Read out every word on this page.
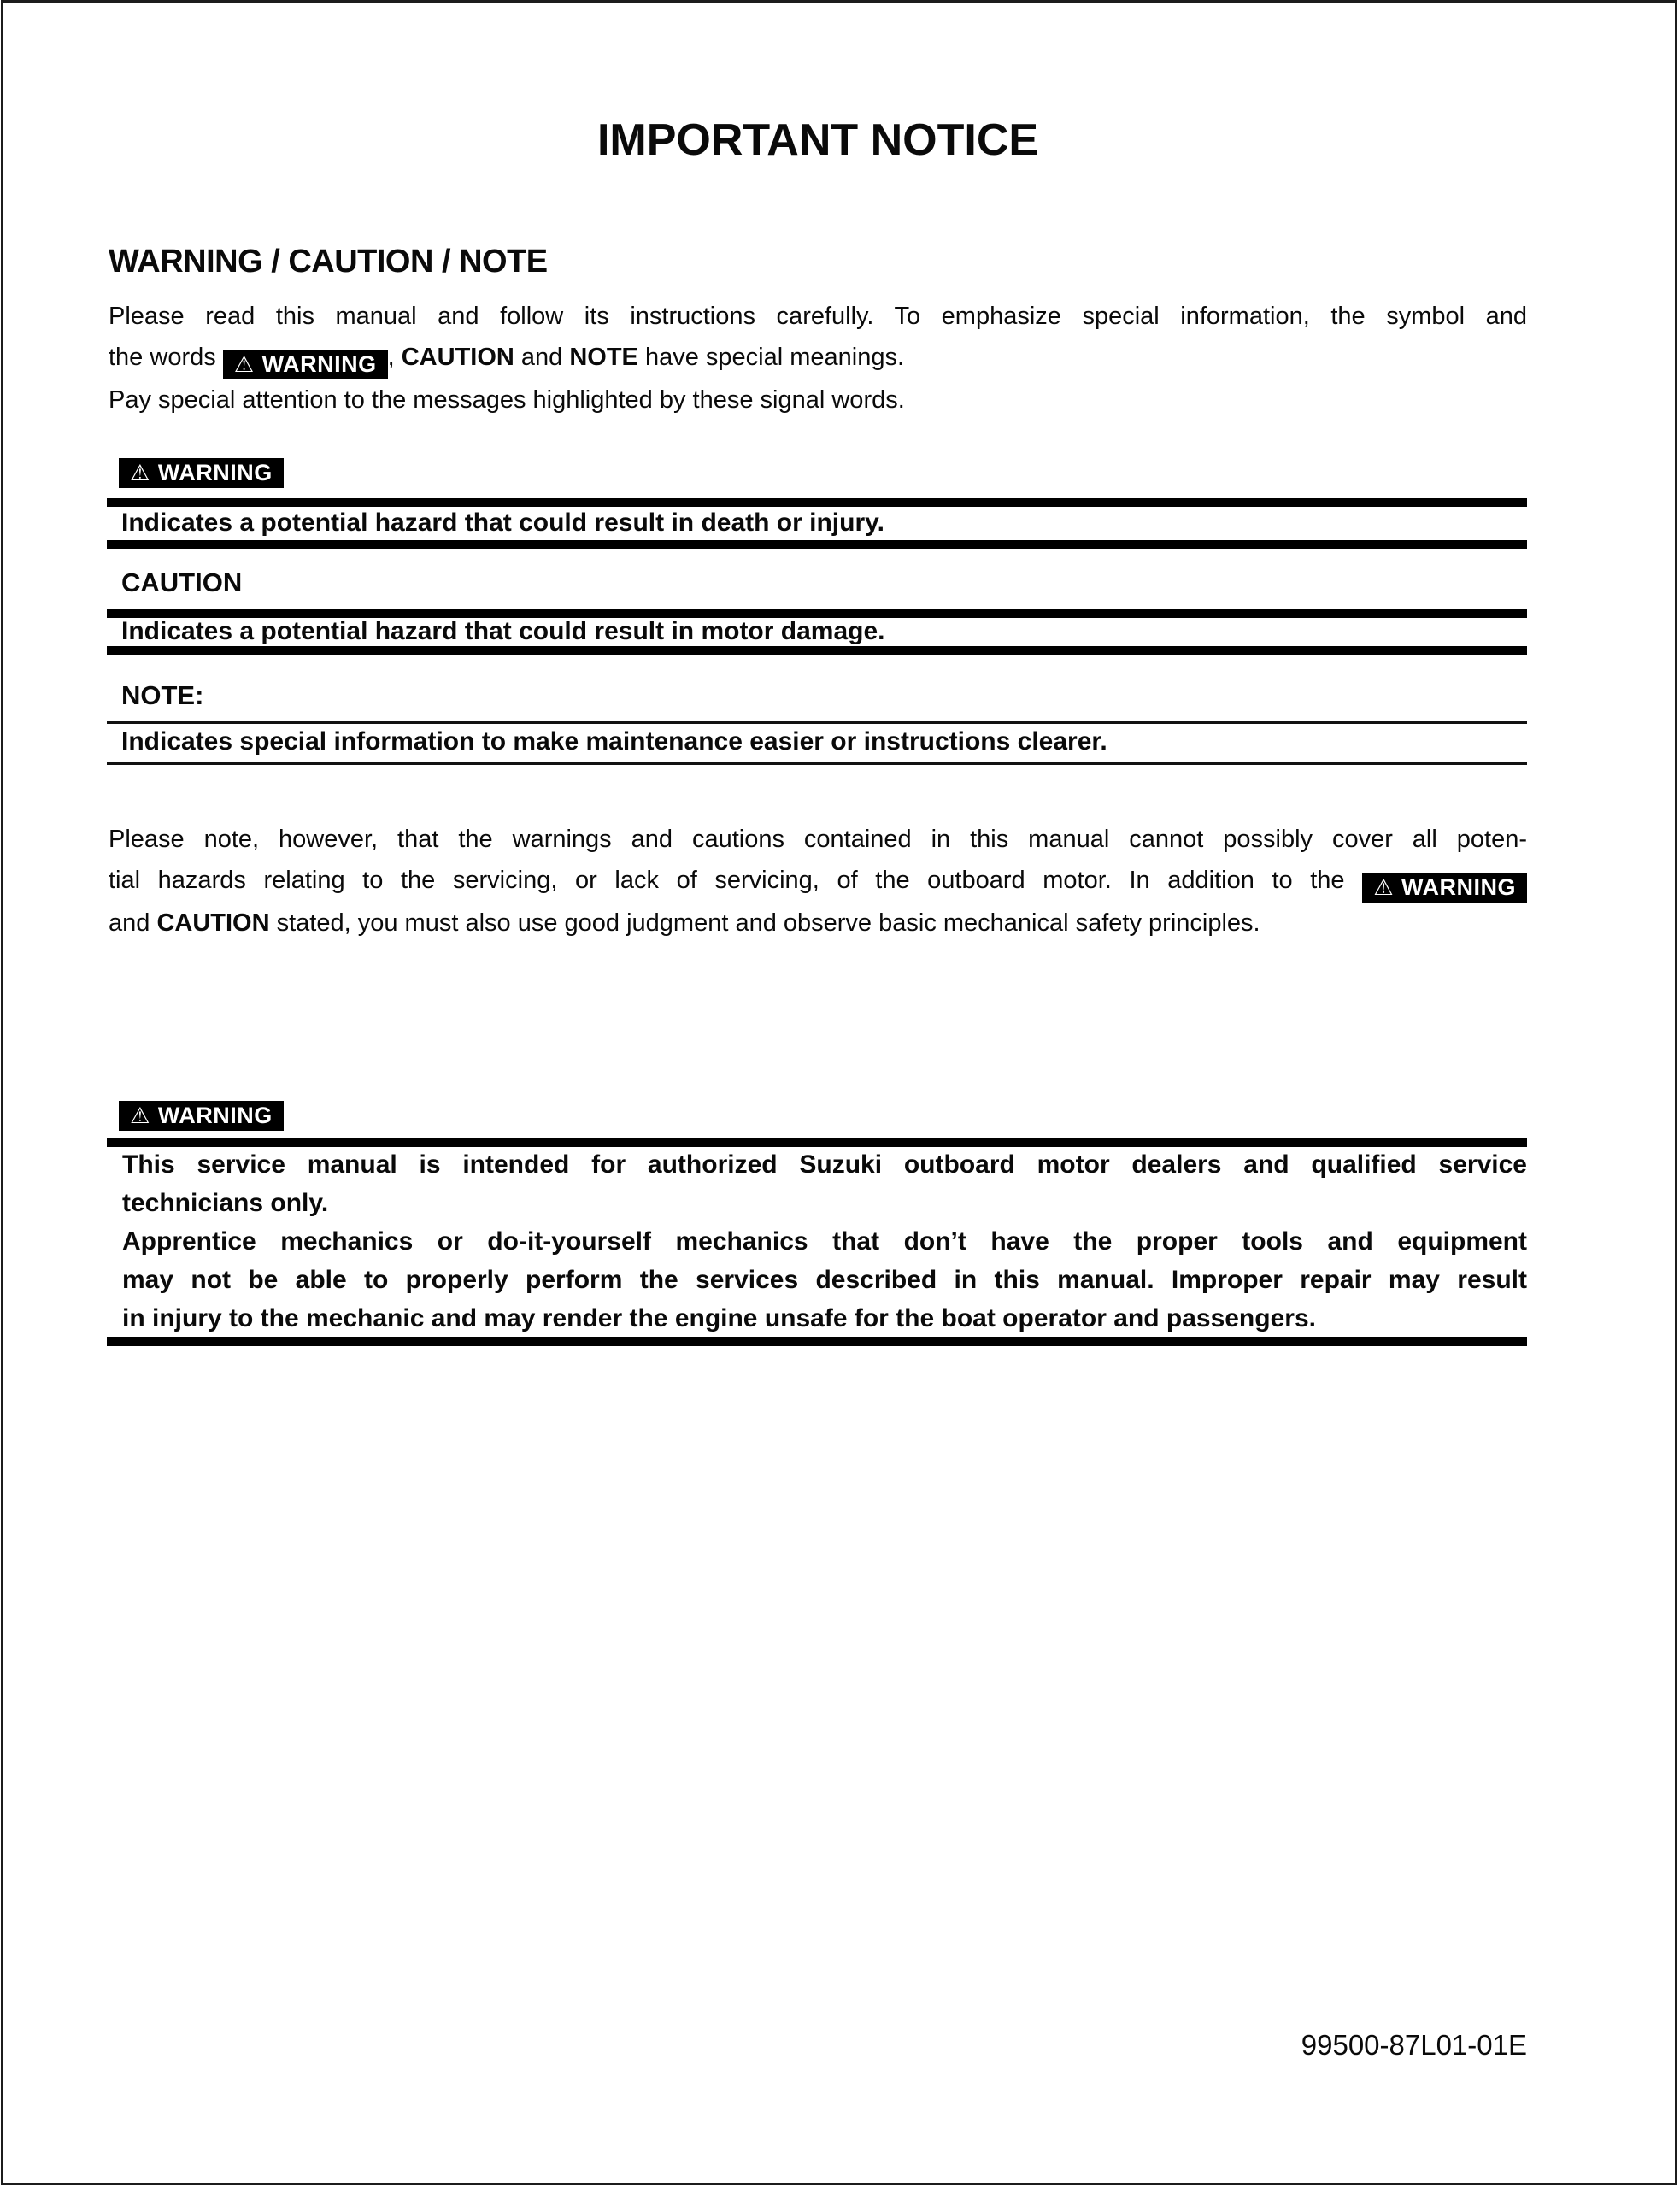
IMPORTANT NOTICE
WARNING / CAUTION / NOTE
Please read this manual and follow its instructions carefully. To emphasize special information, the symbol and
the words ⚠ WARNING , CAUTION and NOTE have special meanings.
Pay special attention to the messages highlighted by these signal words.
⚠ WARNING
Indicates a potential hazard that could result in death or injury.
CAUTION
Indicates a potential hazard that could result in motor damage.
NOTE:
Indicates special information to make maintenance easier or instructions clearer.
Please note, however, that the warnings and cautions contained in this manual cannot possibly cover all poten-
tial hazards relating to the servicing, or lack of servicing, of the outboard motor. In addition to the ⚠ WARNING
and CAUTION stated, you must also use good judgment and observe basic mechanical safety principles.
⚠ WARNING
This service manual is intended for authorized Suzuki outboard motor dealers and qualified service
technicians only.
Apprentice mechanics or do-it-yourself mechanics that don’t have the proper tools and equipment
may not be able to properly perform the services described in this manual. Improper repair may result
in injury to the mechanic and may render the engine unsafe for the boat operator and passengers.
99500-87L01-01E
